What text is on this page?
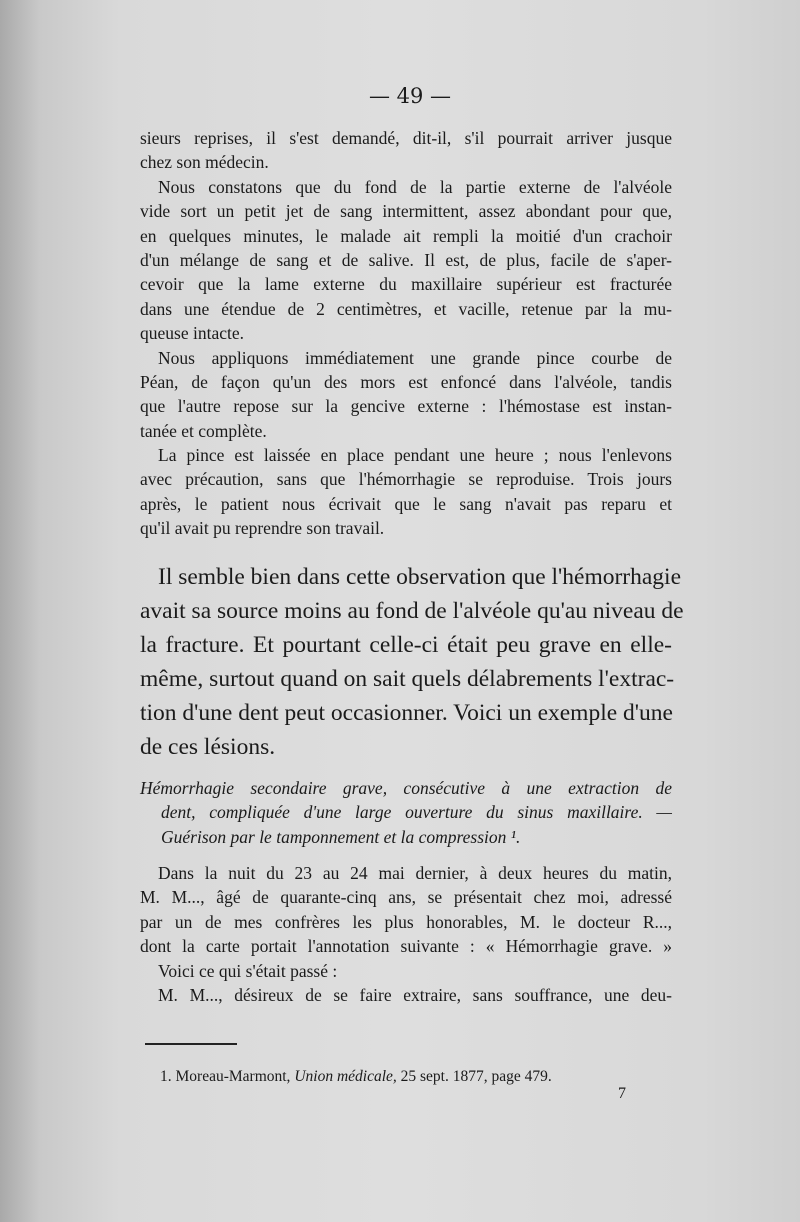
— 49 —
sieurs reprises, il s'est demandé, dit-il, s'il pourrait arriver jusque
chez son médecin.
Nous constatons que du fond de la partie externe de l'alvéole
vide sort un petit jet de sang intermittent, assez abondant pour que,
en quelques minutes, le malade ait rempli la moitié d'un crachoir
d'un mélange de sang et de salive. Il est, de plus, facile de s'aper-
cevoir que la lame externe du maxillaire supérieur est fracturée
dans une étendue de 2 centimètres, et vacille, retenue par la mu-
queuse intacte.
Nous appliquons immédiatement une grande pince courbe de
Péan, de façon qu'un des mors est enfoncé dans l'alvéole, tandis
que l'autre repose sur la gencive externe : l'hémostase est instan-
tanée et complète.
La pince est laissée en place pendant une heure ; nous l'enlevons
avec précaution, sans que l'hémorrhagie se reproduise. Trois jours
après, le patient nous écrivait que le sang n'avait pas reparu et
qu'il avait pu reprendre son travail.
Il semble bien dans cette observation que l'hémorrhagie
avait sa source moins au fond de l'alvéole qu'au niveau de
la fracture. Et pourtant celle-ci était peu grave en elle-
même, surtout quand on sait quels délabrements l'extrac-
tion d'une dent peut occasionner. Voici un exemple d'une
de ces lésions.
Hémorrhagie secondaire grave, consécutive à une extraction de
dent, compliquée d'une large ouverture du sinus maxillaire. —
Guérison par le tamponnement et la compression ¹.
Dans la nuit du 23 au 24 mai dernier, à deux heures du matin,
M. M..., âgé de quarante-cinq ans, se présentait chez moi, adressé
par un de mes confrères les plus honorables, M. le docteur R...,
dont la carte portait l'annotation suivante : « Hémorrhagie grave. »
Voici ce qui s'était passé :
M. M..., désireux de se faire extraire, sans souffrance, une deu-
1. Moreau-Marmont, Union médicale, 25 sept. 1877, page 479.
7
